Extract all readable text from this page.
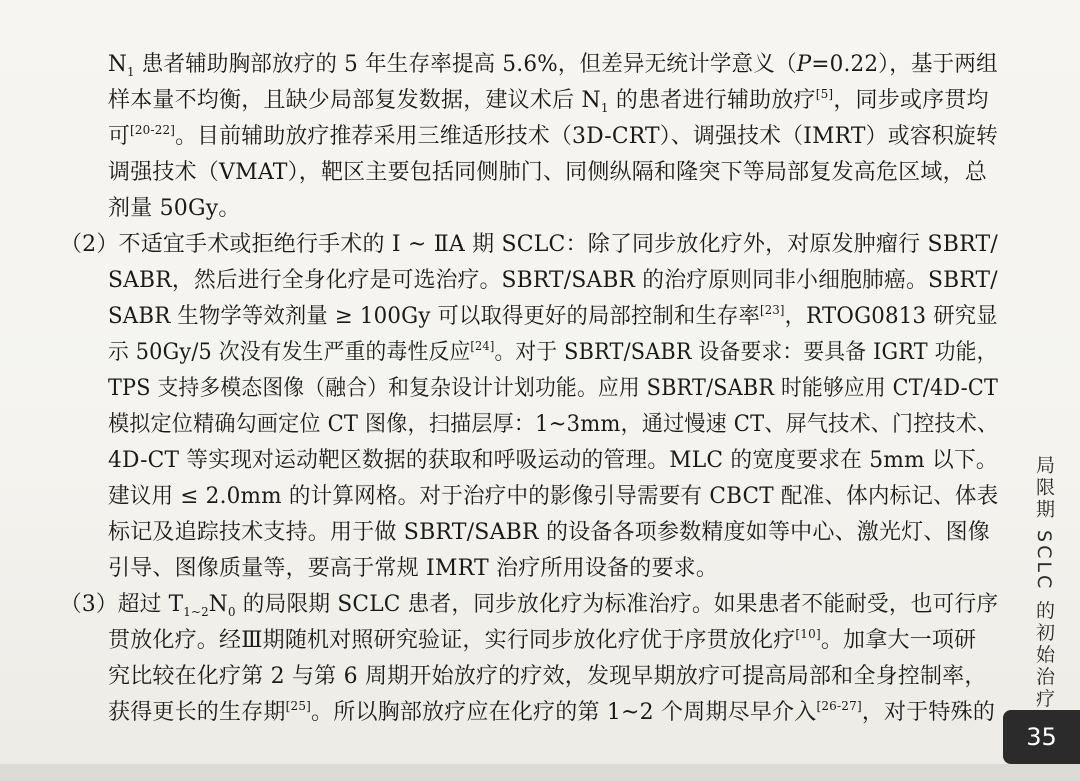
$N_1$ 患者辅助胸部放疗的 5 年生存率提高 5.6%，但差异无统计学意义（P=0.22），基于两组
样本量不均衡，且缺少局部复发数据，建议术后 $N_1$ 的患者进行辅助放疗[5]，同步或序贯均
可[20-22]。目前辅助放疗推荐采用三维适形技术（3D-CRT）、调强技术（IMRT）或容积旋转
调强技术（VMAT），靶区主要包括同侧肺门、同侧纵隔和隆突下等局部复发高危区域，总
剂量 50Gy。
（2）不适宜手术或拒绝行手术的 I ~ ⅡA 期 SCLC：除了同步放化疗外，对原发肿瘤行 SBRT/
SABR，然后进行全身化疗是可选治疗。SBRT/SABR 的治疗原则同非小细胞肺癌。SBRT/
SABR 生物学等效剂量 ≥ 100Gy 可以取得更好的局部控制和生存率[23]，RTOG0813 研究显
示 50Gy/5 次没有发生严重的毒性反应[24]。对于 SBRT/SABR 设备要求：要具备 IGRT 功能，
TPS 支持多模态图像（融合）和复杂设计计划功能。应用 SBRT/SABR 时能够应用 CT/4D-CT
模拟定位精确勾画定位 CT 图像，扫描层厚：1~3mm，通过慢速 CT、屏气技术、门控技术、
4D-CT 等实现对运动靶区数据的获取和呼吸运动的管理。MLC 的宽度要求在 5mm 以下。
建议用 ≤ 2.0mm 的计算网格。对于治疗中的影像引导需要有 CBCT 配准、体内标记、体表
标记及追踪技术支持。用于做 SBRT/SABR 的设备各项参数精度如等中心、激光灯、图像
引导、图像质量等，要高于常规 IMRT 治疗所用设备的要求。
（3）超过 $T_{1\sim 2}N_0$ 的局限期 SCLC 患者，同步放化疗为标准治疗。如果患者不能耐受，也可行序
贯放化疗。经Ⅲ期随机对照研究验证，实行同步放化疗优于序贯放化疗[10]。加拿大一项研
究比较在化疗第 2 与第 6 周期开始放疗的疗效，发现早期放疗可提高局部和全身控制率，
获得更长的生存期[25]。所以胸部放疗应在化疗的第 1~2 个周期尽早介入[26-27]，对于特殊的
局限期 SCLC 的初始治疗
35
